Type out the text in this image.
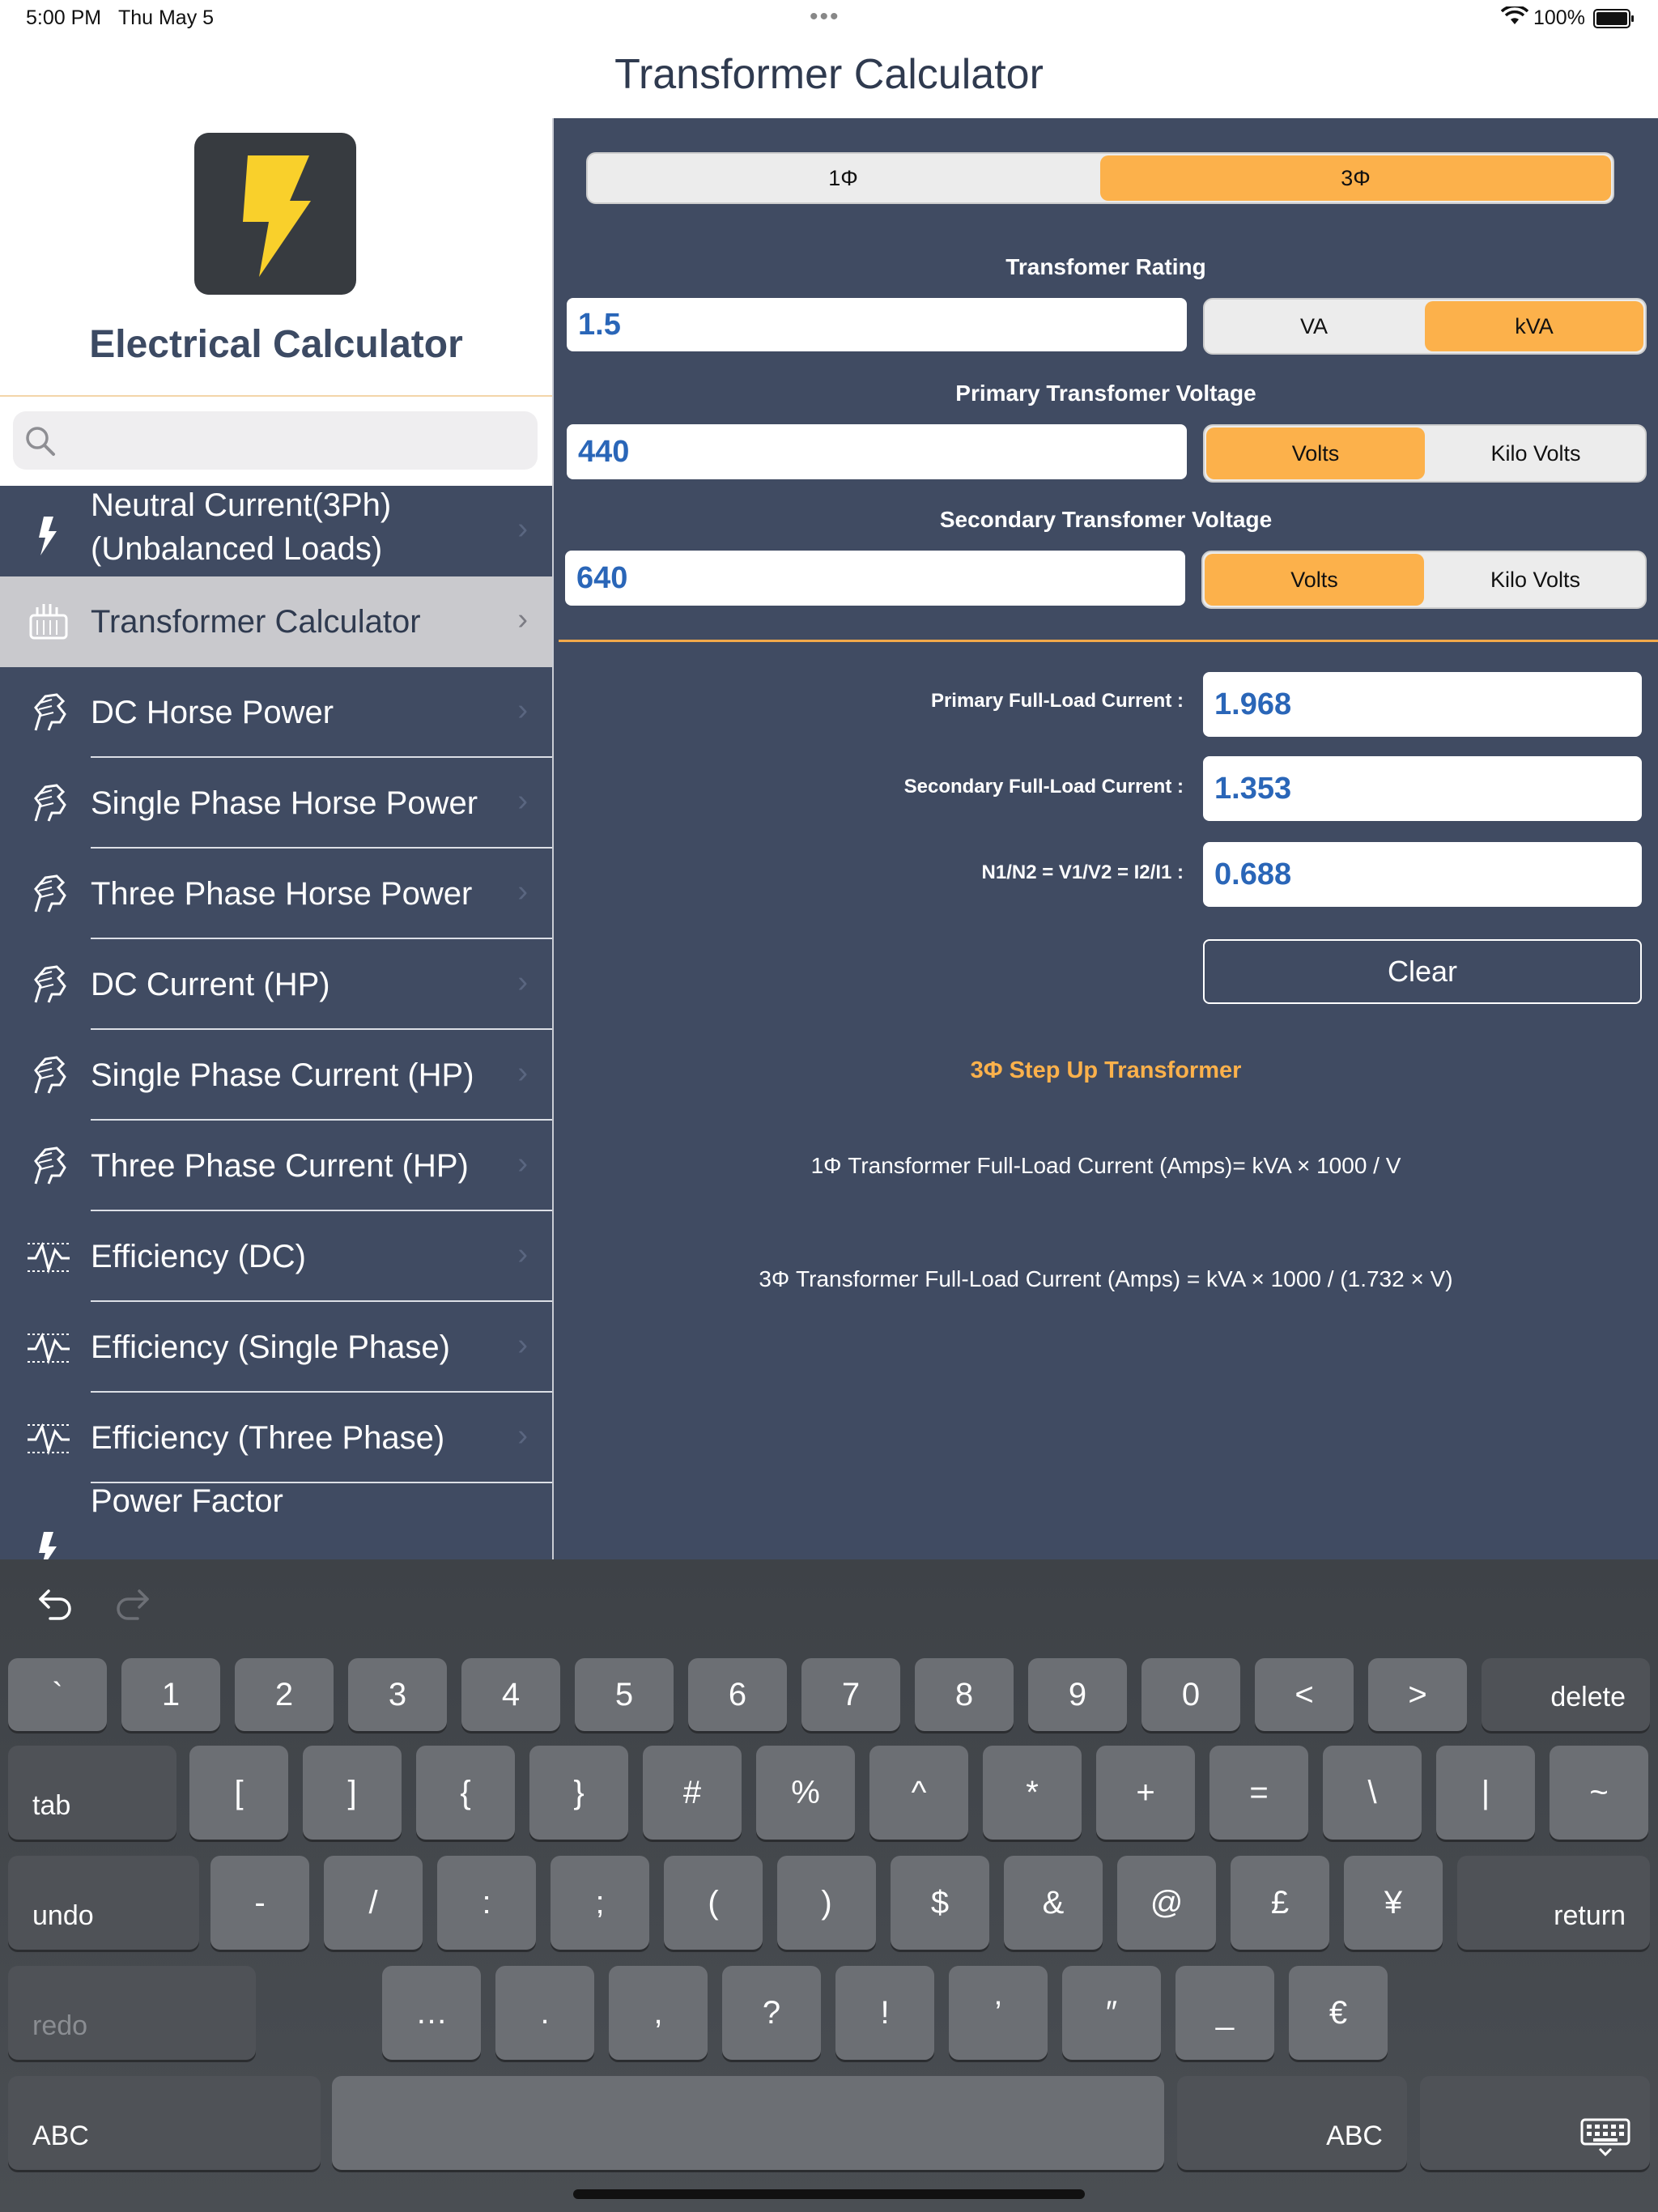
5:00 PM Thu May 5	•••	100%
Transformer Calculator
Electrical Calculator
Neutral Current(3Ph)
(Unbalanced Loads)
›
Transformer Calculator	›
DC Horse Power	›
Single Phase Horse Power ›
Three Phase Horse Power ›
DC Current (HP)	›
Single Phase Current (HP) ›
Three Phase Current (HP) ›
Efficiency (DC)	›
Efficiency (Single Phase) ›
Efficiency (Three Phase) ›
Power Factor
1Φ	3Φ
Transfomer Rating
1.5	VA	kVA
Primary Transfomer Voltage
440	Volts	Kilo Volts
Secondary Transfomer Voltage
640	Volts	Kilo Volts
Primary Full-Load Current :	1.968
Secondary Full-Load Current :	1.353
N1/N2 = V1/V2 = I2/I1 :	0.688
Clear
3Φ Step Up Transformer
1Φ Transformer Full-Load Current (Amps)= kVA × 1000 / V
3Φ Transformer Full-Load Current (Amps) = kVA × 1000 / (1.732 × V)
`	1	2	3	4	5	6	7	8	9	0	<	>	delete
tab	[	]	{	}	#	%	^	*	+	=	\	|	~
undo	-	/	:	;	(	)	$	&	@	£	¥	return
redo	…	.	,	?	!	’	″	_	€
ABC	ABC
